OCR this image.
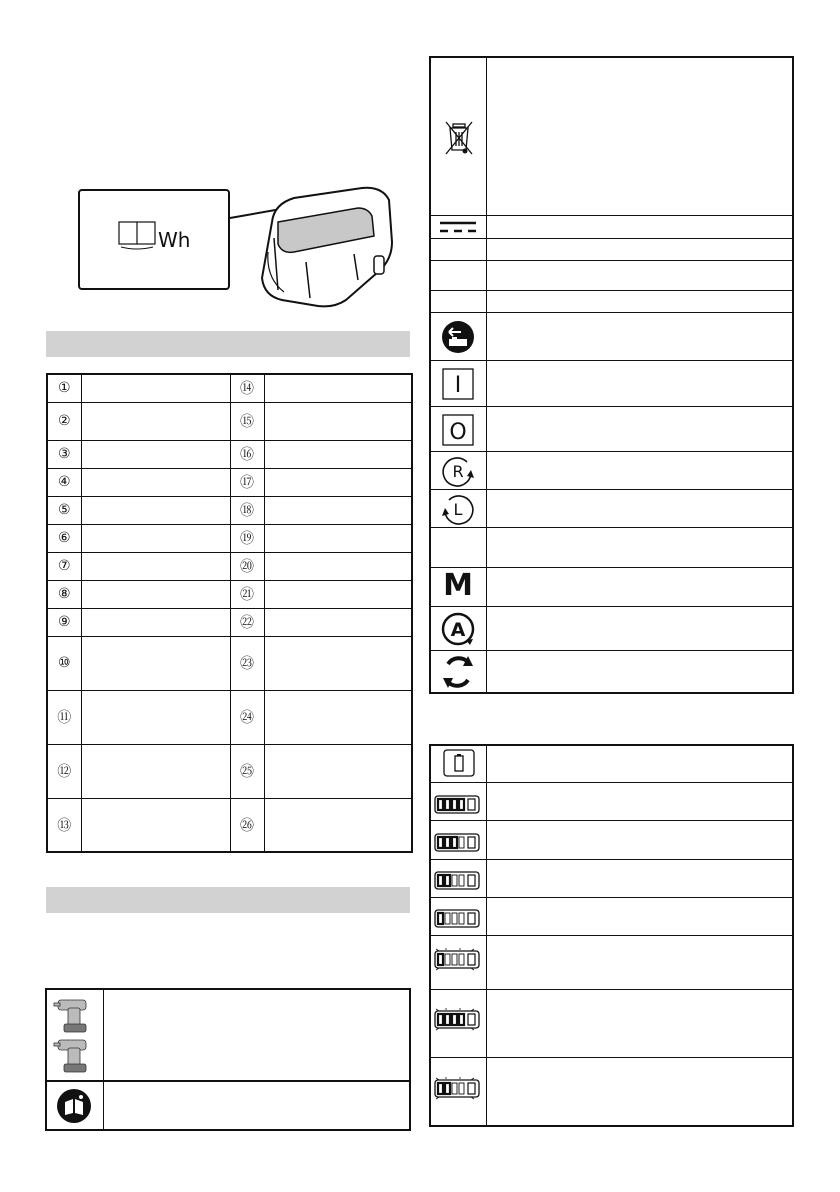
Wh
①		⑭	
②		⑮	
③		⑯	
④		⑰	
⑤		⑱	
⑥		⑲	
⑦		⑳	
⑧		㉑	
⑨		㉒	
⑩		㉓	
⑪		㉔	
⑫		㉕	
⑬		㉖	
I
O
R
L
M
A
